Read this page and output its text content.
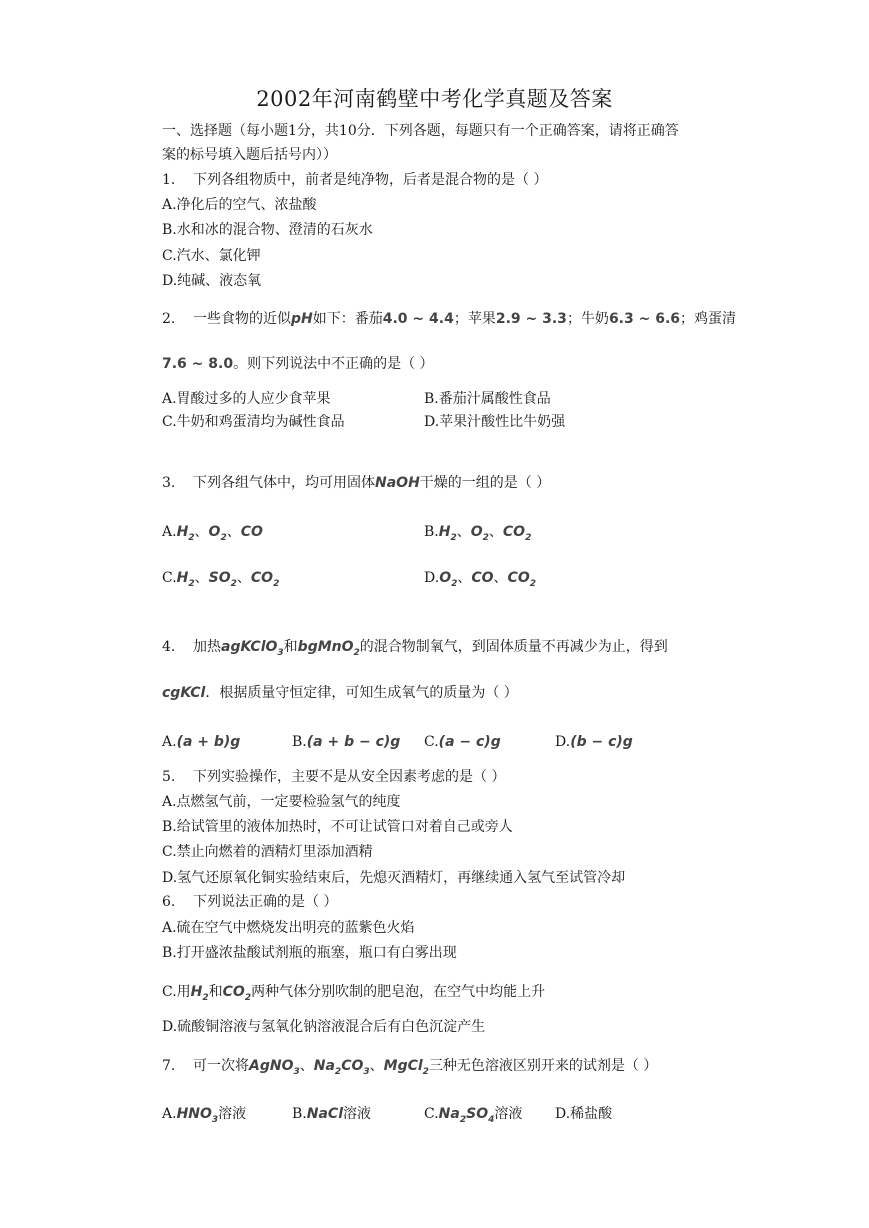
2002年河南鹤壁中考化学真题及答案
一、选择题（每小题1分，共10分．下列各题，每题只有一个正确答案，请将正确答
案的标号填入题后括号内））
1. 下列各组物质中，前者是纯净物，后者是混合物的是（ ）
A.净化后的空气、浓盐酸
B.水和冰的混合物、澄清的石灰水
C.汽水、氯化钾
D.纯碱、液态氧
2. 一些食物的近似pH如下：番茄4.0 ~ 4.4；苹果2.9 ~ 3.3；牛奶6.3 ~ 6.6；鸡蛋清
7.6 ~ 8.0。则下列说法中不正确的是（ ）
A.胃酸过多的人应少食苹果	B.番茄汁属酸性食品
C.牛奶和鸡蛋清均为碱性食品	D.苹果汁酸性比牛奶强
3. 下列各组气体中，均可用固体NaOH干燥的一组的是（ ）
$A.H_2$、$O_2$、CO	$B.H_2$、$O_2$、$CO_2$
$C.H_2$、$SO_2$、$CO_2$	$D.O_2$、CO、$CO_2$
4. 加热agKClO$_3$和bgMnO$_2$的混合物制氧气，到固体质量不再减少为止，得到
cgKCl．根据质量守恒定律，可知生成氧气的质量为（ ）
A.(a + b)g	B.(a + b − c)g C.(a − c)g	D.(b − c)g
5. 下列实验操作，主要不是从安全因素考虑的是（ ）
A.点燃氢气前，一定要检验氢气的纯度
B.给试管里的液体加热时，不可让试管口对着自己或旁人
C.禁止向燃着的酒精灯里添加酒精
D.氢气还原氧化铜实验结束后，先熄灭酒精灯，再继续通入氢气至试管冷却
6. 下列说法正确的是（ ）
A.硫在空气中燃烧发出明亮的蓝紫色火焰
B.打开盛浓盐酸试剂瓶的瓶塞，瓶口有白雾出现
C.用$H_2$和$CO_2$两种气体分别吹制的肥皂泡，在空气中均能上升
D.硫酸铜溶液与氢氧化钠溶液混合后有白色沉淀产生
7. 可一次将AgNO$_3$、$Na_2CO_3$、MgCl$_2$三种无色溶液区别开来的试剂是（ ）
$A.HNO_3$溶液	B.NaCl溶液	$C.Na_2SO_4$溶液 D.稀盐酸
